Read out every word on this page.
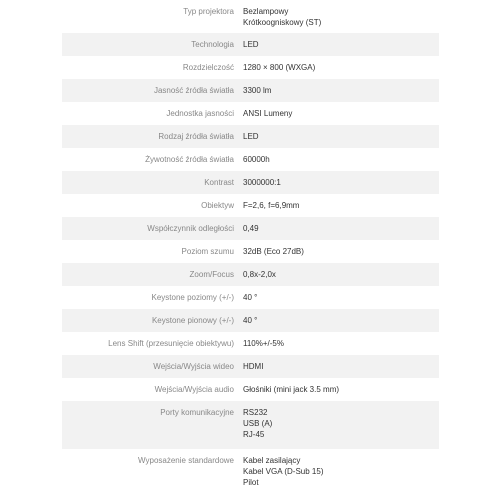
Typ projektora Bezlampowy
Krótkoogniskowy (ST)
Technologia LED
Rozdzielczość 1280 × 800 (WXGA)
Jasność źródła światła 3300 lm
Jednostka jasności ANSI Lumeny
Rodzaj źródła światła LED
Żywotność źródła światła 60000h
Kontrast 3000000:1
Obiektyw F=2,6, f=6,9mm
Współczynnik odległości 0,49
Poziom szumu 32dB (Eco 27dB)
Zoom/Focus 0,8x-2,0x
Keystone poziomy (+/-) 40 °
Keystone pionowy (+/-) 40 °
Lens Shift (przesunięcie obiektywu) 110%+/-5%
Wejścia/Wyjścia wideo HDMI
Wejścia/Wyjścia audio Głośniki (mini jack 3.5 mm)
Porty komunikacyjne RS232
USB (A)
RJ-45
Wyposażenie standardowe Kabel zasilający
Kabel VGA (D-Sub 15)
Pilot
